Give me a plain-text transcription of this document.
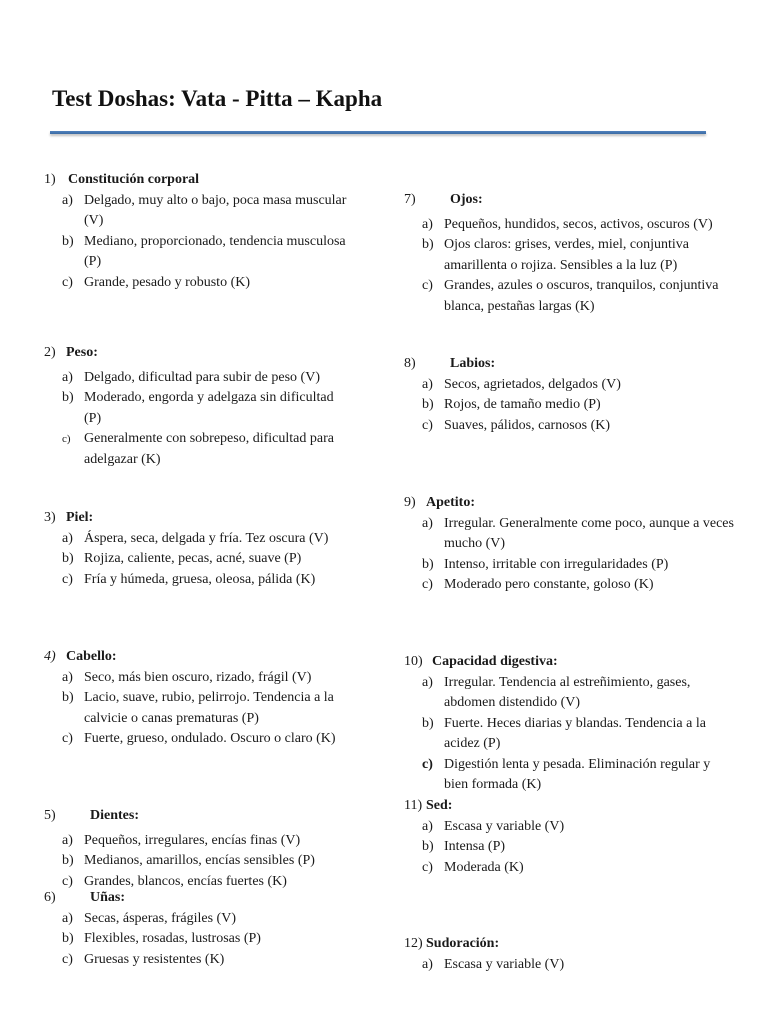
Test Doshas: Vata - Pitta – Kapha
1) Constitución corporal
a) Delgado, muy alto o bajo, poca masa muscular (V)
b) Mediano, proporcionado, tendencia musculosa (P)
c) Grande, pesado y robusto (K)
2) Peso:
a) Delgado, dificultad para subir de peso (V)
b) Moderado, engorda y adelgaza sin dificultad (P)
c) Generalmente con sobrepeso, dificultad para adelgazar (K)
3) Piel:
a) Áspera, seca, delgada y fría. Tez oscura (V)
b) Rojiza, caliente, pecas, acné, suave (P)
c) Fría y húmeda, gruesa, oleosa, pálida (K)
4) Cabello:
a) Seco, más bien oscuro, rizado, frágil (V)
b) Lacio, suave, rubio, pelirrojo. Tendencia a la calvicie o canas prematuras (P)
c) Fuerte, grueso, ondulado. Oscuro o claro (K)
5)	Dientes:
a) Pequeños, irregulares, encías finas (V)
b) Medianos, amarillos, encías sensibles (P)
c) Grandes, blancos, encías fuertes (K)
6)	Uñas:
a) Secas, ásperas, frágiles (V)
b) Flexibles, rosadas, lustrosas (P)
c) Gruesas y resistentes (K)
7)	Ojos:
a) Pequeños, hundidos, secos, activos, oscuros (V)
b) Ojos claros: grises, verdes, miel, conjuntiva amarillenta o rojiza. Sensibles a la luz (P)
c) Grandes, azules o oscuros, tranquilos, conjuntiva blanca, pestañas largas (K)
8)	Labios:
a) Secos, agrietados, delgados (V)
b) Rojos, de tamaño medio (P)
c) Suaves, pálidos, carnosos (K)
9) Apetito:
a) Irregular. Generalmente come poco, aunque a veces mucho (V)
b) Intenso, irritable con irregularidades (P)
c) Moderado pero constante, goloso (K)
10) Capacidad digestiva:
a) Irregular. Tendencia al estreñimiento, gases, abdomen distendido (V)
b) Fuerte. Heces diarias y blandas. Tendencia a la acidez (P)
c) Digestión lenta y pesada. Eliminación regular y bien formada (K)
11) Sed:
a) Escasa y variable (V)
b) Intensa (P)
c) Moderada (K)
12) Sudoración:
a) Escasa y variable (V)
